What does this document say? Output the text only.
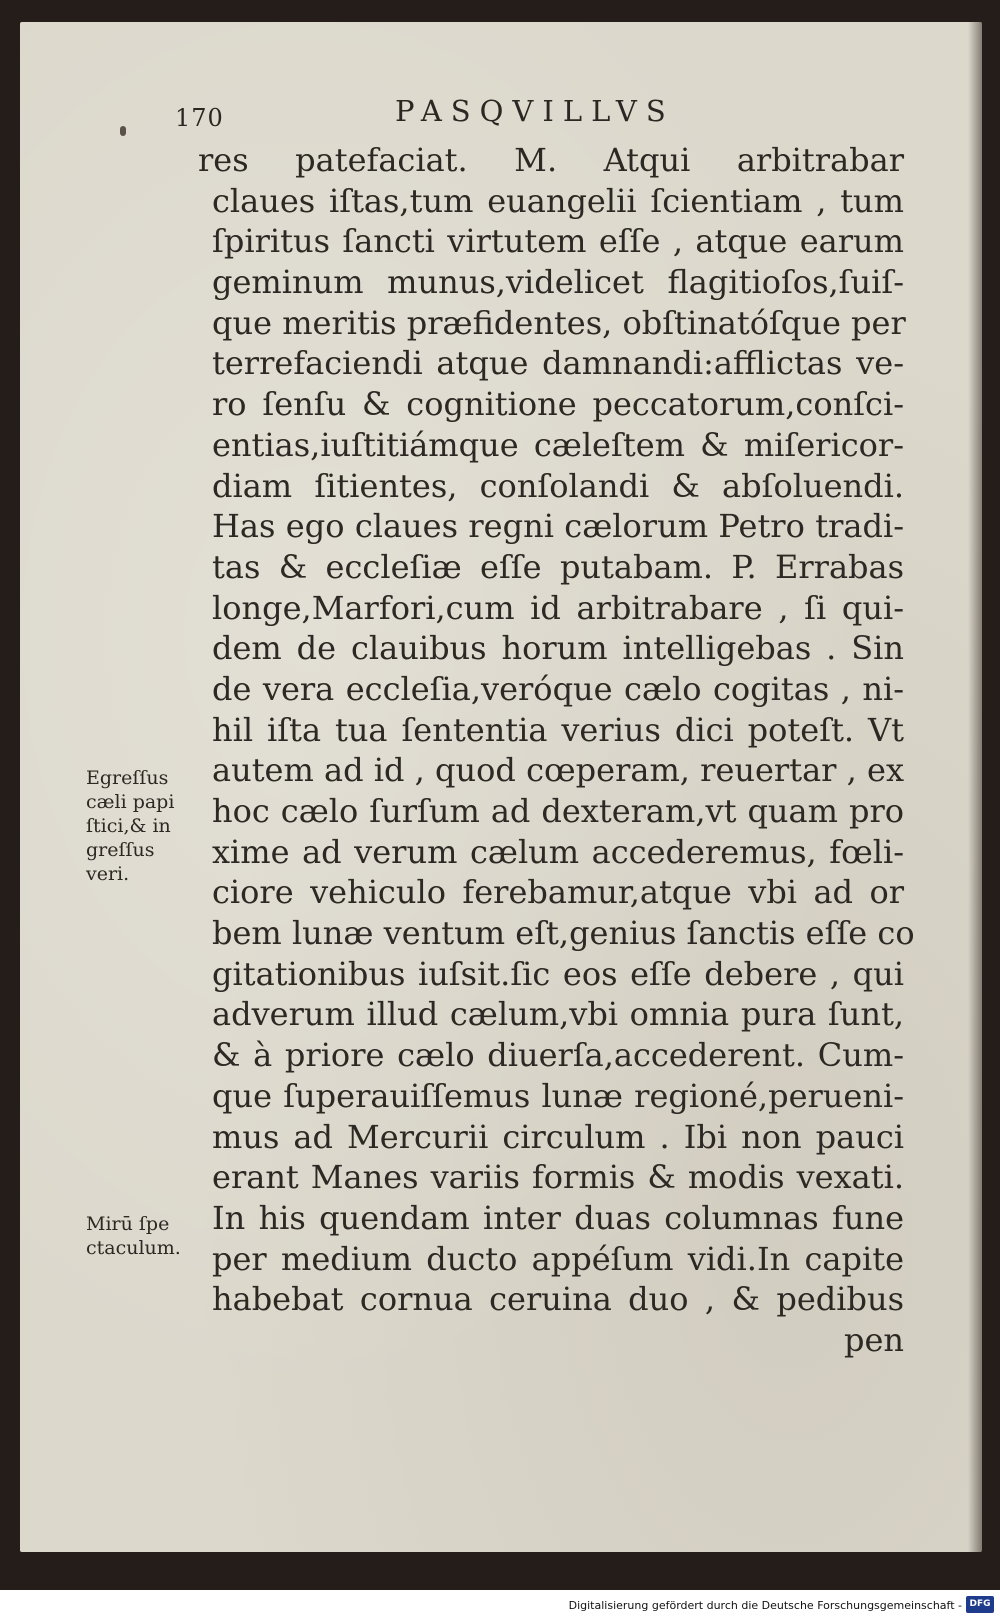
170	PASQVILLVS
res patefaciat. M. Atqui arbitrabar
claues iſtas,tum euangelii ſcientiam , tum
ſpiritus ſancti virtutem eſſe , atque earum
geminum munus,videlicet flagitioſos,ſuiſ-
que meritis præfidentes, obſtinatóſque per
terrefaciendi atque damnandi:afflictas ve-
ro ſenſu & cognitione peccatorum,conſci-
entias,iuſtitiámque cæleſtem & miſericor-
diam ſitientes, conſolandi & abſoluendi.
Has ego claues regni cælorum Petro tradi-
tas & eccleſiæ eſſe putabam. P. Errabas
longe,Marfori,cum id arbitrabare , ſi qui-
dem de clauibus horum intelligebas . Sin
de vera eccleſia,veróque cælo cogitas , ni-
hil iſta tua ſententia verius dici poteſt. Vt
autem ad id , quod cœperam, reuertar , ex
hoc cælo ſurſum ad dexteram,vt quam pro
xime ad verum cælum accederemus, fœli-
ciore vehiculo ferebamur,atque vbi ad or
bem lunæ ventum eſt,genius ſanctis eſſe co
gitationibus iuſsit.ſic eos eſſe debere , qui
adverum illud cælum,vbi omnia pura ſunt,
& à priore cælo diuerſa,accederent. Cum-
que ſuperauiſſemus lunæ regioné,perueni-
mus ad Mercurii circulum . Ibi non pauci
erant Manes variis formis & modis vexati.
In his quendam inter duas columnas fune
per medium ducto appéſum vidi.In capite
habebat cornua ceruina duo , & pedibus
pen
Egreſſus
cæli papi
ſtici,& in
greſſus
veri.
Mirū ſpe
ctaculum.
Digitalisierung gefördert durch die Deutsche Forschungsgemeinschaft - DFG
